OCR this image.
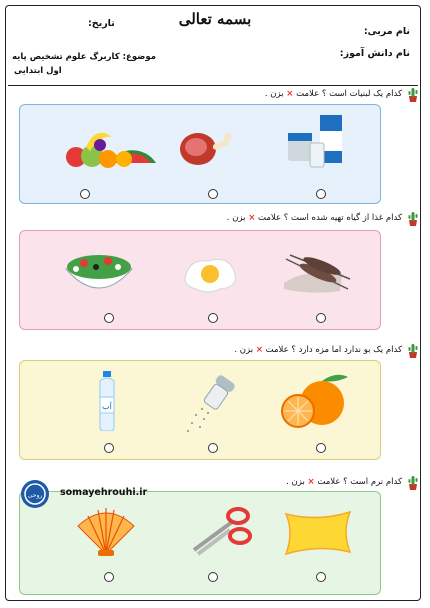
بسمه تعالی
تاریخ:
نام مربی:
نام دانش آموز:
موضوع: کاربرگ علوم تشخیص پایه
اول ابتدایی
کدام یک لبنیات است ؟ علامت × بزن .
کدام غذا از گیاه تهیه شده است ؟ علامت × بزن .
کدام یک بو ندارد اما مزه دارد ؟ علامت × بزن .
آب
کدام نرم است ؟ علامت × بزن .
روحی somayehrouhi.ir
